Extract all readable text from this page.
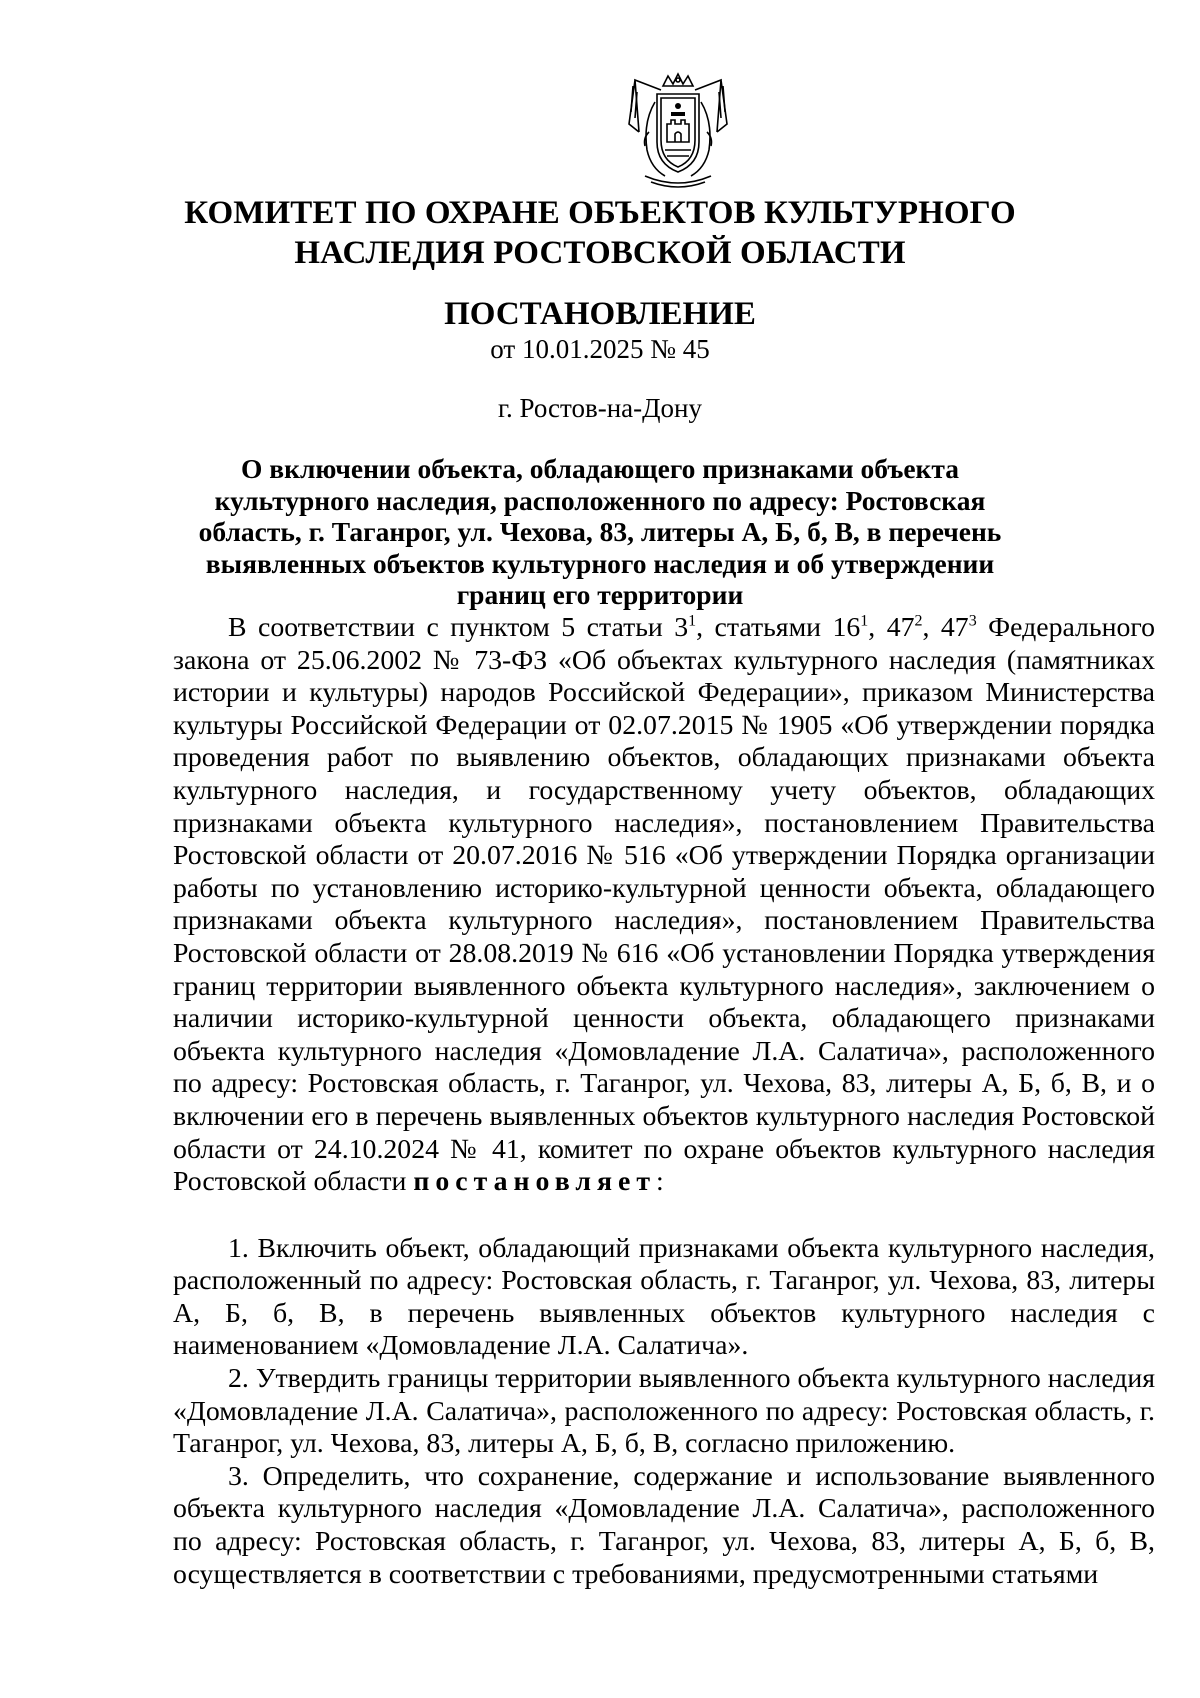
КОМИТЕТ ПО ОХРАНЕ ОБЪЕКТОВ КУЛЬТУРНОГО
НАСЛЕДИЯ РОСТОВСКОЙ ОБЛАСТИ
ПОСТАНОВЛЕНИЕ
от 10.01.2025 № 45
г. Ростов-на-Дону
О включении объекта, обладающего признаками объекта культурного наследия, расположенного по адресу: Ростовская область, г. Таганрог, ул. Чехова, 83, литеры А, Б, б, В, в перечень выявленных объектов культурного наследия и об утверждении границ его территории

В соответствии с пунктом 5 статьи $3^1$, статьями $16^1$, $47^2$, $47^3$ Федерального закона от 25.06.2002 № 73-ФЗ «Об объектах культурного наследия (памятниках истории и культуры) народов Российской Федерации», приказом Министерства культуры Российской Федерации от 02.07.2015 № 1905 «Об утверждении порядка проведения работ по выявлению объектов, обладающих признаками объекта культурного наследия, и государственному учету объектов, обладающих признаками объекта культурного наследия», постановлением Правительства Ростовской области от 20.07.2016 № 516 «Об утверждении Порядка организации работы по установлению историко-культурной ценности объекта, обладающего признаками объекта культурного наследия», постановлением Правительства Ростовской области от 28.08.2019 № 616 «Об установлении Порядка утверждения границ территории выявленного объекта культурного наследия», заключением о наличии историко-культурной ценности объекта, обладающего признаками объекта культурного наследия «Домовладение Л.А. Салатича», расположенного по адресу: Ростовская область, г. Таганрог, ул. Чехова, 83, литеры А, Б, б, В, и о включении его в перечень выявленных объектов культурного наследия Ростовской области от 24.10.2024 № 41, комитет по охране объектов культурного наследия Ростовской области постановляет:

1. Включить объект, обладающий признаками объекта культурного наследия, расположенный по адресу: Ростовская область, г. Таганрог, ул. Чехова, 83, литеры А, Б, б, В, в перечень выявленных объектов культурного наследия с наименованием «Домовладение Л.А. Салатича».

2. Утвердить границы территории выявленного объекта культурного наследия «Домовладение Л.А. Салатича», расположенного по адресу: Ростовская область, г. Таганрог, ул. Чехова, 83, литеры А, Б, б, В, согласно приложению.

3. Определить, что сохранение, содержание и использование выявленного объекта культурного наследия «Домовладение Л.А. Салатича», расположенного по адресу: Ростовская область, г. Таганрог, ул. Чехова, 83, литеры А, Б, б, В, осуществляется в соответствии с требованиями, предусмотренными статьями
